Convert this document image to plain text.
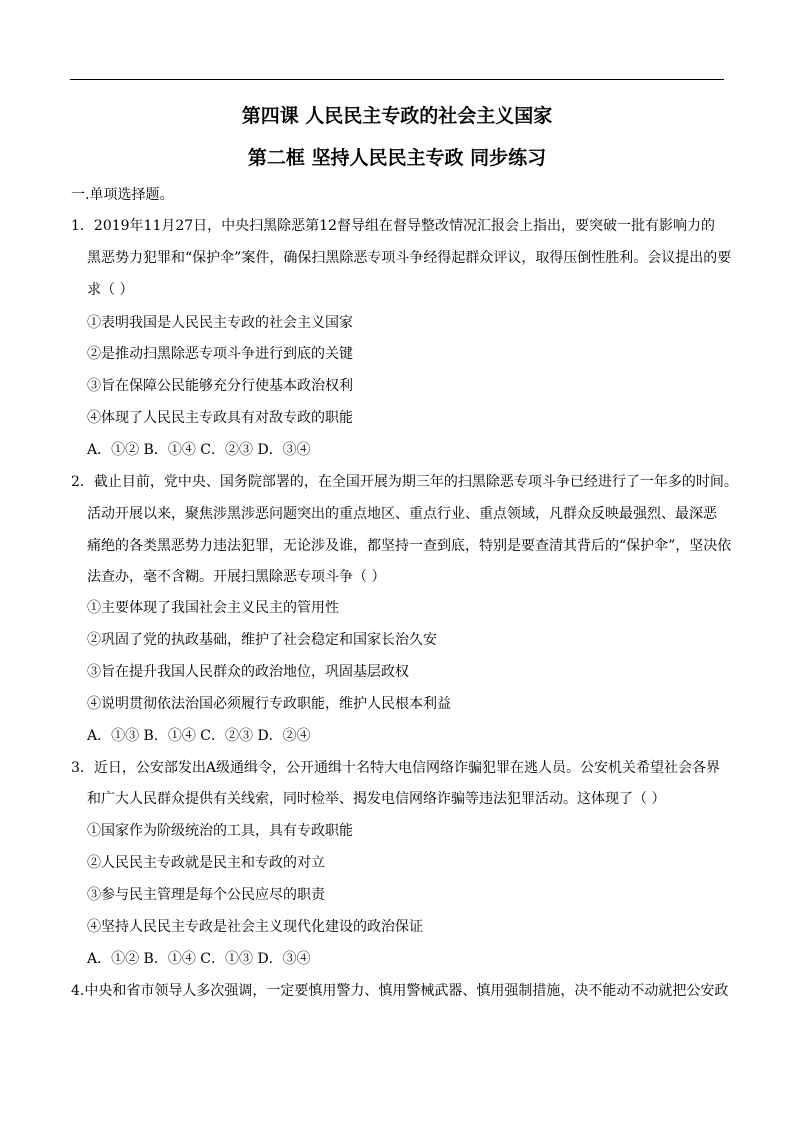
第四课 人民民主专政的社会主义国家
第二框 坚持人民民主专政 同步练习
一.单项选择题。
1．2019年11月27日，中央扫黑除恶第12督导组在督导整改情况汇报会上指出，要突破一批有影响力的
黑恶势力犯罪和“保护伞”案件，确保扫黑除恶专项斗争经得起群众评议，取得压倒性胜利。会议提出的要
求（ ）
①表明我国是人民民主专政的社会主义国家
②是推动扫黑除恶专项斗争进行到底的关键
③旨在保障公民能够充分行使基本政治权利
④体现了人民民主专政具有对敌专政的职能
A．①② B．①④ C．②③ D．③④
2．截止目前，党中央、国务院部署的，在全国开展为期三年的扫黑除恶专项斗争已经进行了一年多的时间。
活动开展以来，聚焦涉黑涉恶问题突出的重点地区、重点行业、重点领域，凡群众反映最强烈、最深恶
痛绝的各类黑恶势力违法犯罪，无论涉及谁，都坚持一查到底，特别是要查清其背后的“保护伞”，坚决依
法查办，毫不含糊。开展扫黑除恶专项斗争（ ）
①主要体现了我国社会主义民主的管用性
②巩固了党的执政基础，维护了社会稳定和国家长治久安
③旨在提升我国人民群众的政治地位，巩固基层政权
④说明贯彻依法治国必须履行专政职能，维护人民根本利益
A．①③ B．①④ C．②③ D．②④
3．近日，公安部发出A级通缉令，公开通缉十名特大电信网络诈骗犯罪在逃人员。公安机关希望社会各界
和广大人民群众提供有关线索，同时检举、揭发电信网络诈骗等违法犯罪活动。这体现了（ ）
①国家作为阶级统治的工具，具有专政职能
②人民民主专政就是民主和专政的对立
③参与民主管理是每个公民应尽的职责
④坚持人民民主专政是社会主义现代化建设的政治保证
A．①② B．①④ C．①③ D．③④
4.中央和省市领导人多次强调，一定要慎用警力、慎用警械武器、慎用强制措施，决不能动不动就把公安政
